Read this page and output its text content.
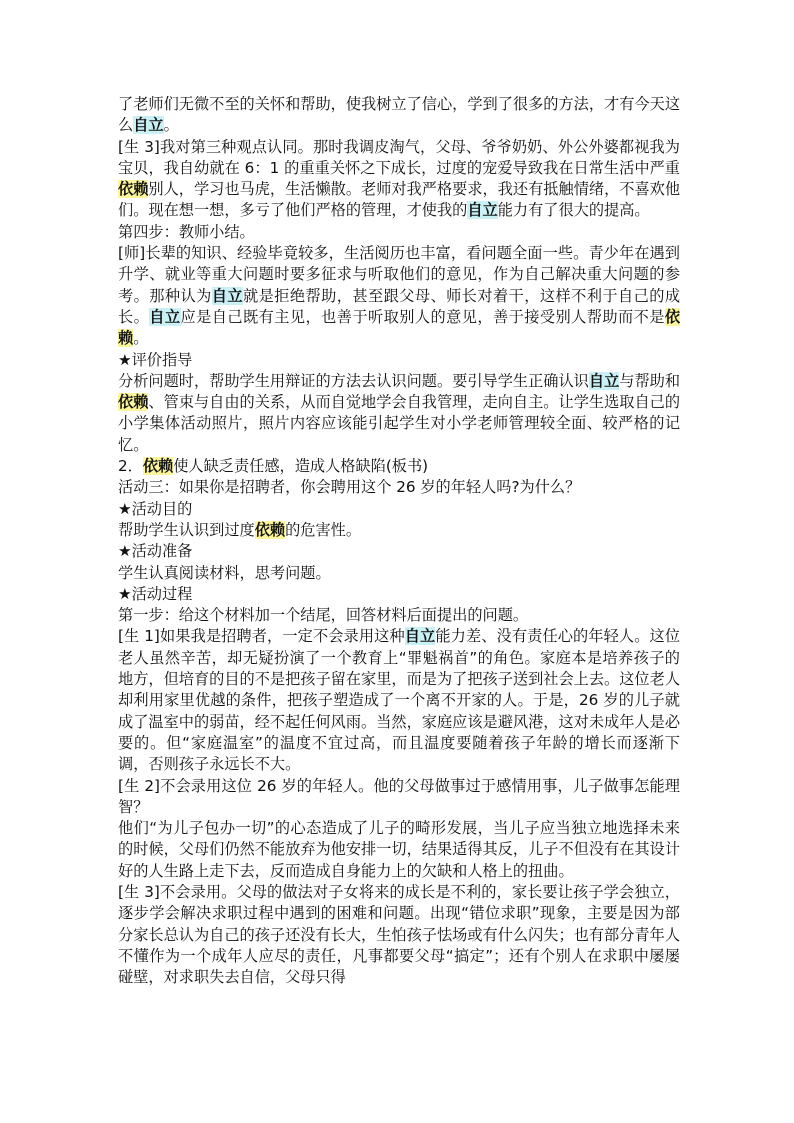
了老师们无微不至的关怀和帮助，使我树立了信心，学到了很多的方法，才有今天这么自立。

[生 3]我对第三种观点认同。那时我调皮淘气，父母、爷爷奶奶、外公外婆都视我为宝贝，我自幼就在 6：1 的重重关怀之下成长，过度的宠爱导致我在日常生活中严重依赖别人，学习也马虎，生活懒散。老师对我严格要求，我还有抵触情绪，不喜欢他们。现在想一想，多亏了他们严格的管理，才使我的自立能力有了很大的提高。

第四步：教师小结。

[师]长辈的知识、经验毕竟较多，生活阅历也丰富，看问题全面一些。青少年在遇到升学、就业等重大问题时要多征求与听取他们的意见，作为自己解决重大问题的参考。那种认为自立就是拒绝帮助，甚至跟父母、师长对着干，这样不利于自己的成长。自立应是自己既有主见，也善于听取别人的意见，善于接受别人帮助而不是依赖。

★评价指导

分析问题时，帮助学生用辩证的方法去认识问题。要引导学生正确认识自立与帮助和依赖、管束与自由的关系，从而自觉地学会自我管理，走向自主。让学生选取自己的小学集体活动照片，照片内容应该能引起学生对小学老师管理较全面、较严格的记忆。

2．依赖使人缺乏责任感，造成人格缺陷(板书)

活动三：如果你是招聘者，你会聘用这个 26 岁的年轻人吗?为什么？

★活动目的

帮助学生认识到过度依赖的危害性。

★活动准备

学生认真阅读材料，思考问题。

★活动过程

第一步：给这个材料加一个结尾，回答材料后面提出的问题。

[生 1]如果我是招聘者，一定不会录用这种自立能力差、没有责任心的年轻人。这位老人虽然辛苦，却无疑扮演了一个教育上“罪魁祸首”的角色。家庭本是培养孩子的地方，但培育的目的不是把孩子留在家里，而是为了把孩子送到社会上去。这位老人却利用家里优越的条件，把孩子塑造成了一个离不开家的人。于是，26 岁的儿子就成了温室中的弱苗，经不起任何风雨。当然，家庭应该是避风港，这对未成年人是必要的。但“家庭温室”的温度不宜过高，而且温度要随着孩子年龄的增长而逐渐下调，否则孩子永远长不大。

[生 2]不会录用这位 26 岁的年轻人。他的父母做事过于感情用事，儿子做事怎能理智？

他们“为儿子包办一切”的心态造成了儿子的畸形发展，当儿子应当独立地选择未来的时候，父母们仍然不能放弃为他安排一切，结果适得其反，儿子不但没有在其设计好的人生路上走下去，反而造成自身能力上的欠缺和人格上的扭曲。

[生 3]不会录用。父母的做法对子女将来的成长是不利的，家长要让孩子学会独立，逐步学会解决求职过程中遇到的困难和问题。出现“错位求职”现象，主要是因为部分家长总认为自己的孩子还没有长大，生怕孩子怯场或有什么闪失；也有部分青年人不懂作为一个成年人应尽的责任，凡事都要父母“搞定”；还有个别人在求职中屡屡碰壁，对求职失去自信，父母只得
